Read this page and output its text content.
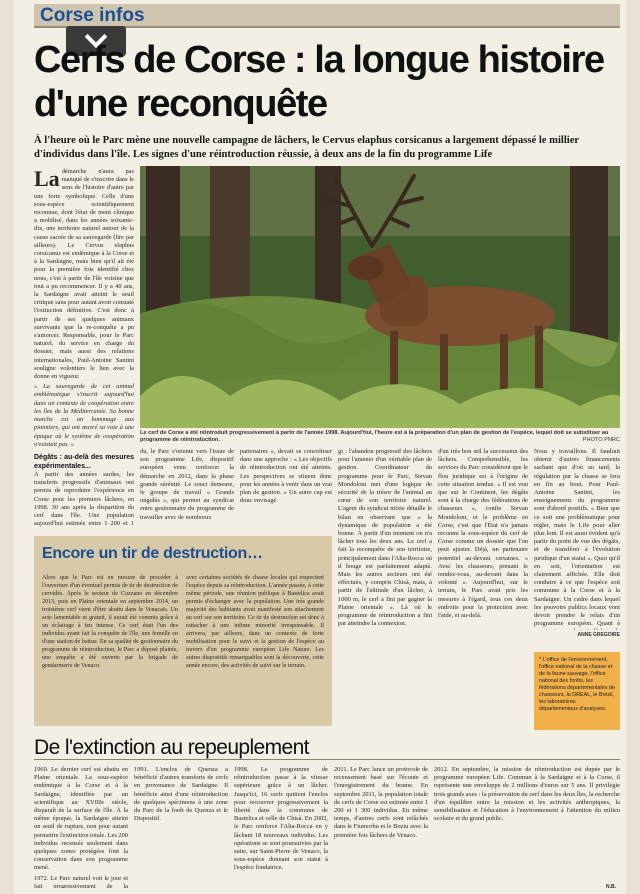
Corse infos
Cerfs de Corse : la longue histoire d'une reconquête

À l'heure où le Parc mène une nouvelle campagne de lâchers, le Cervus elaphus corsicanus a largement dépassé le millier d'individus dans l'île. Les signes d'une réintroduction réussie, à deux ans de la fin du programme Life

La démarche n'aura pas manqué de s'inscrire dans le sens de l'histoire d'autre par une forte symbolique. Celle d'une sous-espèce scientifiquement reconnue, dont l'état de ment clinique a mobilisé, dans les années soixante-dix, une territoire naturel autour de la cause sacrée de sa sauvegarde (lire par ailleurs). Le Cervus elaphus corsicanus est endémique à la Corse et à la Sardaigne, mais bien qu'il ait été pour la première fois identifié chez nous, c'est à partir de l'île voisine que tout a pu recommencer. Il y a 40 ans, la Sardaigne avait atteint le seuil critique sans pour autant avoir constaté l'extinction définitive. C'est donc à partir de ses quelques animaux survivants que la re-conquête a pu s'amorcer. Responsable, pour le Parc naturel, du service en charge du dossier, mais aussi des relations internationales, Paul-Antoine Santini souligne volontiers le lien avec la donne en vigueur.

« La sauvegarde de cet animal emblématique s'inscrit aujourd'hui dans un contexte de coopération entre les îles de la Méditerranée. Sa bonne marche est un hommage aux pionniers, qui ont œuvré sa voie à une époque où le système de coopération n'existait pas. »

Dégâts : au-delà des mesures expérimentales...

À partir des années sardes, les transferts progressifs d'animaux ont permis de reproduire l'expérience en Corse pour les premiers lâchers, en 1998. 30 ans après la disparition du cerf dans l'île. Une population aujourd'hui estimée entre 1 200 et 1

Le cerf de Corse a été réintroduit progressivement à partir de l'année 1998. Aujourd'hui, l'heure est à la préparation d'un plan de gestion de l'espèce, lequel doit se substituer au programme de réintroduction.	PHOTO PNRC

du, le Parc s'oriente vers l'issue de son programme Life, dispositif européen venu renforcer la démarche en 2012, dans la phase grande sérénité. Le souci demeure, le groupe de travail « Grands ongulés », qui permet au syndicat entre gestionnaire du programme de travailler avec de nombreux
partenaires », devait se concrétiser dans une approche : « Les objectifs de réintroduction ont été atteints. Les perspectives se situent donc pour les années à venir dans un vrai plan de gestion. » Un autre cap est donc envisagé.
gi : l'abandon progressif des lâchers pour l'amener d'un véritable plan de gestion. Coordinateur du programme pour le Parc, Stevan Mondoloni met d'une logique de sécurité de la trésor de l'animal au cœur de son territoire naturel. L'agent du syndicat mixte détaille le bilan en observant que « la dynamique de population a été bonne. À partir d'un moment on n'a lâcher tous les deux ans. Le cerf a fait la reconquête de son territoire, principalement dans l'Alta-Rocca où il bouge est parfaitement adapté. Mais les autres secteurs ont été effectués, y compris Chisà, mais, à partir de l'altitude d'un lâcher, à 1000 m, le cerf a fini par gagner la Plaine orientale ». Là où le programme de réintroduction a fini par atteindre la connexion.
d'un très bon œil la succession des lâchers. Compréhensible, les services du Parc considèrent que le flou juridique est à l'origine de cette situation tendue. « Il est vrai que sur le Continent, les dégâts sont à la charge des fédérations de chasseurs », confie Stevan Mondoloni, et le problème en Corse, c'est que l'État n'a jamais reconnu la sous-espèce du cerf de Corse comme un dossier que l'on peut ajuster. Déjà, un partenaire potentiel au-devant certaines. « Avec les chasseurs, prenant le rendez-vous, au-devant dans la volonté ». Aujourd'hui, sur le terrain, le Parc avait pris les mesures à l'égard, tous ces deux endroits pour la protection avec l'aide, et au-delà.
Nous y travaillons. Il faudrait obtenir d'autres financements sachant que d'où au tard, la régulation par la chasse se fera en fin au bout. Pour Paul-Antoine Santini, les enseignements du programme sont d'abord positifs. « Bien que ce soit une problématique pour régler, mais le Life pour aller plus loin. Il est aussi évident qu'à partir du point de vue des dégâts, et de transférer à l'évolution juridique d'un statut ». Quoi qu'il en soit, l'orientation est clairement affichée. Elle doit conduire à ce que l'espèce soit commune à la Corse et à la Sardaigne. Un cadre dans lequel les pouvoirs publics locaux vont devoir prendre le relais d'un programme européen. Quant à
ANNE GREGOIRE
* L'office de l'environnement, l'office national de la chasse et de la faune sauvage, l'office national des forêts, les fédérations départementales de chasseurs, la DREAL, le Brézil, les laboratoires départementaux d'analyses.
Encore un tir de destruction…
Alors que le Parc est en mesure de procéder à l'ouverture d'un éventuel permis de tir de destruction de cervidés. Après le secteur de Cozzano en décembre 2013, puis en Plaine orientale en septembre 2014, un troisième cerf vient d'être abattu dans le Venacais. Un acte lamentable et gratuit, il aurait été commis grâce à un éclairage à feu intense. Ce cerf était l'un des individus ayant fait la conquête de l'île, une femelle en d'une station de battue. En sa qualité de gestionnaire du programme de réintroduction, le Parc a déposé plainte, une enquête a été ouverte par la brigade de gendarmerie de Venaco.
avec certaines sociétés de chasse locales qui respectent l'espèce depuis sa réintroduction. L'année passée, à cette même période, une réunion publique à Bastelica avait permis d'échanger avec la population. Une très grande majorité des habitants avait manifesté son attachement au cerf sur son territoire. Ce tir de destruction est donc à rattacher à une infime minorité irresponsable. Il arrivera, par ailleurs, dans un contexte de forte mobilisation pour le suivi et la gestion de l'espèce au travers d'un programme européen Life Nature. Les autres dispositifs remarquables sont la découverte, cette année encore, des activités de suivi sur le terrain.
De l'extinction au repeuplement

1969. Le dernier cerf est abattu en Plaine orientale. La sous-espèce endémique à la Corse et à la Sardaigne, identifiée par un scientifique au XVIIIe siècle, disparaît de la surface de l'île. À la même époque, la Sardaigne atteint un seuil de rupture, non pour autant permettre l'extinction totale. Les 200 individus recensés seulement dans quelques zones protégées font la conservation dans son programme mené.

1972. Le Parc naturel voit le jour et fait progressivement de la

1991. L'enclos de Quenza a bénéficié d'autres transferts de cerfs en provenance de Sardaigne. Il bénéficie ainsi d'une réintroduction de quelques spécimens à une zone du Parc de la forêt de Quenza et le Dispositif.

1998. Le programme de réintroduction passe à la vitesse supérieure grâce à un lâcher. Jusqu'ici, 16 cerfs quittent l'enclos pour recouvrer progressivement la liberté dans la commune de Bastelica et celle de Chisà. En 2002, le Parc renforce l'Alta-Rocca en y lâchant 18 nouveaux individus. Les opérations se sont poursuivies par la suite, sur Saint-Pierre de Venaco, la sous-espèce donnant son statut à l'espèce fondatrice.

2011. Le Parc lance un protocole de recensement basé sur l'écoute et l'enregistrement du brame. En septembre 2011, la population totale de cerfs de Corse est estimée entre 1 200 et 1 300 individus. En même temps, d'autres cerfs sont relâchés dans le Fiumorbu et le Boziu avec la première fois lâchers de Venaco.

2012. En septembre, la mission de réintroduction est dupée par le programme européen Life. Commun à la Sardaigne et à la Corse, il représente une enveloppe de 2 millions d'euros sur 5 ans. Il privilégie trois grands axes : la préservation du cerf dans les deux îles, la recherche d'un équilibre entre la mission et les activités anthropiques, la sensibilisation et l'éducation à l'environnement à l'attention du milieu scolaire et du grand public.

N.B.
